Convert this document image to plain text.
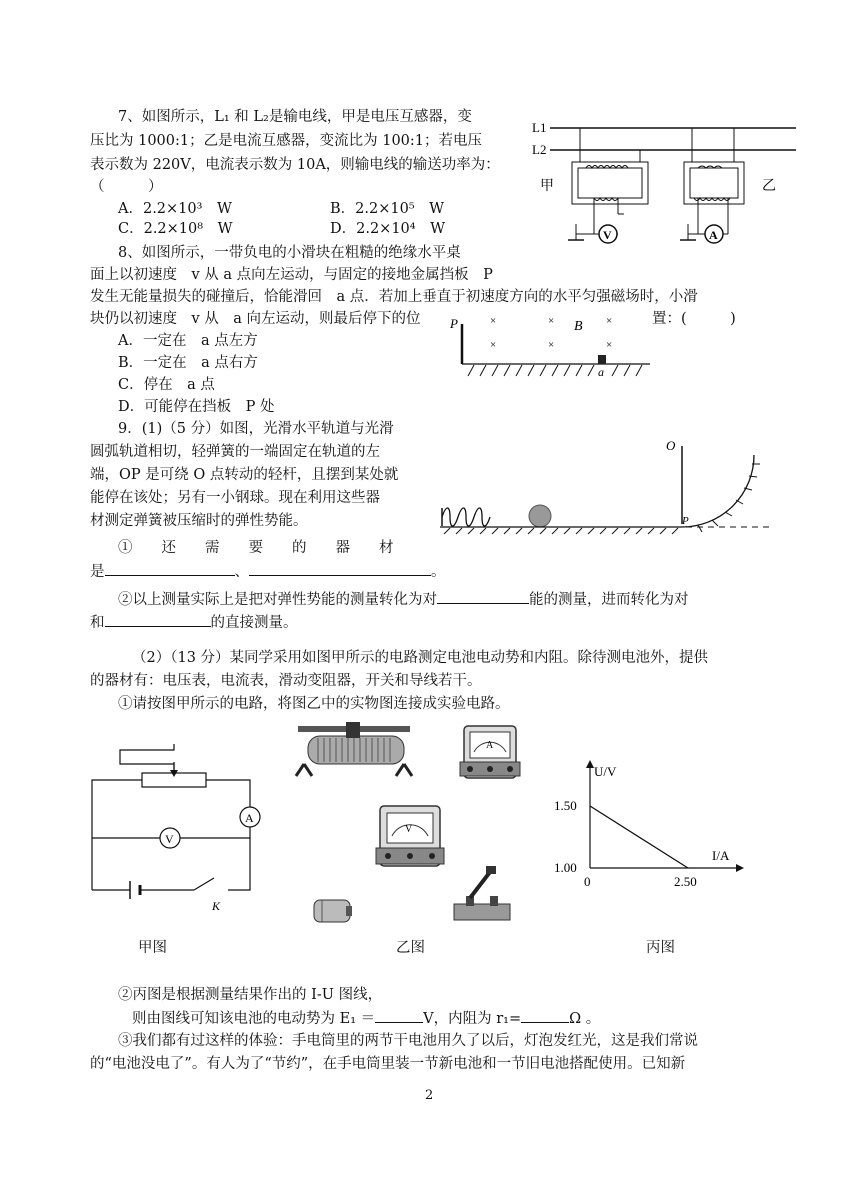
7、如图所示，L₁ 和 L₂是输电线，甲是电压互感器，变
压比为 1000:1；乙是电流互感器，变流比为 100:1；若电压
表示数为 220V，电流表示数为 10A，则输电线的输送功率为：
（　　　）
A．2.2×10³　W	B．2.2×10⁵　W
C．2.2×10⁸　W	D．2.2×10⁴　W
L1
L2
甲	乙
V	A
8、如图所示，一带负电的小滑块在粗糙的绝缘水平桌
面上以初速度　v 从 a 点向左运动，与固定的接地金属挡板　P
发生无能量损失的碰撞后，恰能滑回　a 点．若加上垂直于初速度方向的水平匀强磁场时，小滑
块仍以初速度　v 从　a 向左运动，则最后停下的位	置：(　　　)
A．一定在　a 点左方
B．一定在　a 点右方
C．停在　a 点
D．可能停在挡板　P 处
P	×	×	×
×	×	×
B
a
9．(1)（5 分）如图，光滑水平轨道与光滑
圆弧轨道相切，轻弹簧的一端固定在轨道的左
端，OP 是可绕 O 点转动的轻杆，且摆到某处就
能停在该处；另有一小钢球。现在利用这些器
材测定弹簧被压缩时的弹性势能。
①　　还　　需　　要　　的　　器　　材
是	、	。
②以上测量实际上是把对弹性势能的测量转化为对	能的测量，进而转化为对
和	的直接测量。
O
P
（2）（13 分）某同学采用如图甲所示的电路测定电池电动势和内阻。除待测电池外，提供
的器材有：电压表，电流表，滑动变阻器，开关和导线若干。
①请按图甲所示的电路，将图乙中的实物图连接成实验电路。
A
V
K
A
V
U/V
I/A
1.00
1.50
0	2.50
甲图	乙图	丙图
②丙图是根据测量结果作出的 I-U 图线，
则由图线可知该电池的电动势为 E₁ ＝	V，内阻为 r₁=	Ω 。
③我们都有过这样的体验：手电筒里的两节干电池用久了以后，灯泡发红光，这是我们常说
的“电池没电了”。有人为了“节约”，在手电筒里装一节新电池和一节旧电池搭配使用。已知新
2
